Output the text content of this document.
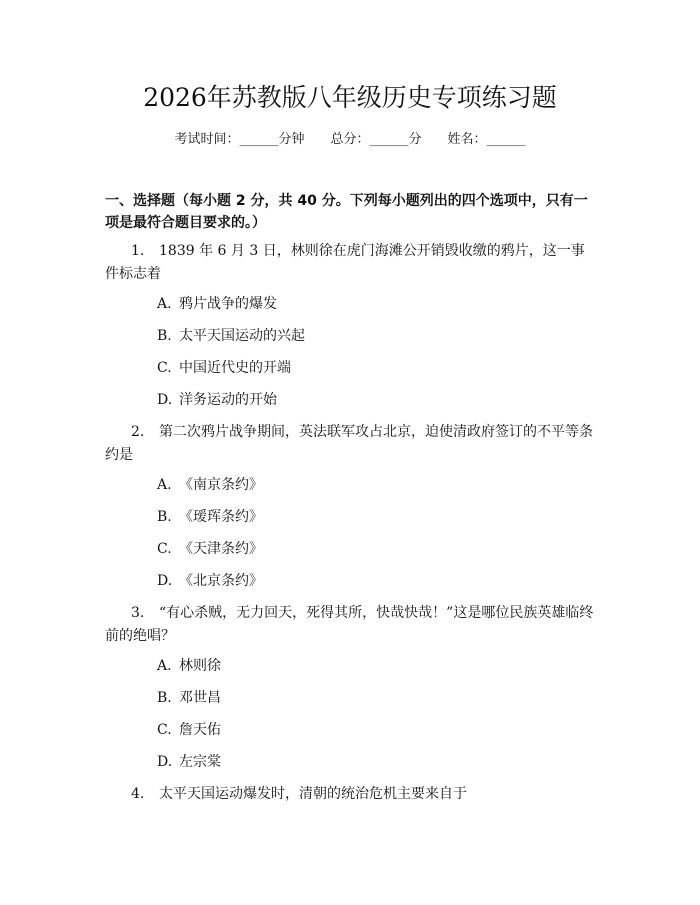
2026年苏教版八年级历史专项练习题
考试时间：______分钟 总分：______分 姓名：______
一、选择题（每小题 2 分，共 40 分。下列每小题列出的四个选项中，只有一项是最符合题目要求的。）
1. 1839 年 6 月 3 日，林则徐在虎门海滩公开销毁收缴的鸦片，这一事件标志着
A. 鸦片战争的爆发
B. 太平天国运动的兴起
C. 中国近代史的开端
D. 洋务运动的开始
2. 第二次鸦片战争期间，英法联军攻占北京，迫使清政府签订的不平等条约是
A. 《南京条约》
B. 《瑷珲条约》
C. 《天津条约》
D. 《北京条约》
3. “有心杀贼，无力回天，死得其所，快哉快哉！”这是哪位民族英雄临终前的绝唱？
A. 林则徐
B. 邓世昌
C. 詹天佑
D. 左宗棠
4. 太平天国运动爆发时，清朝的统治危机主要来自于
